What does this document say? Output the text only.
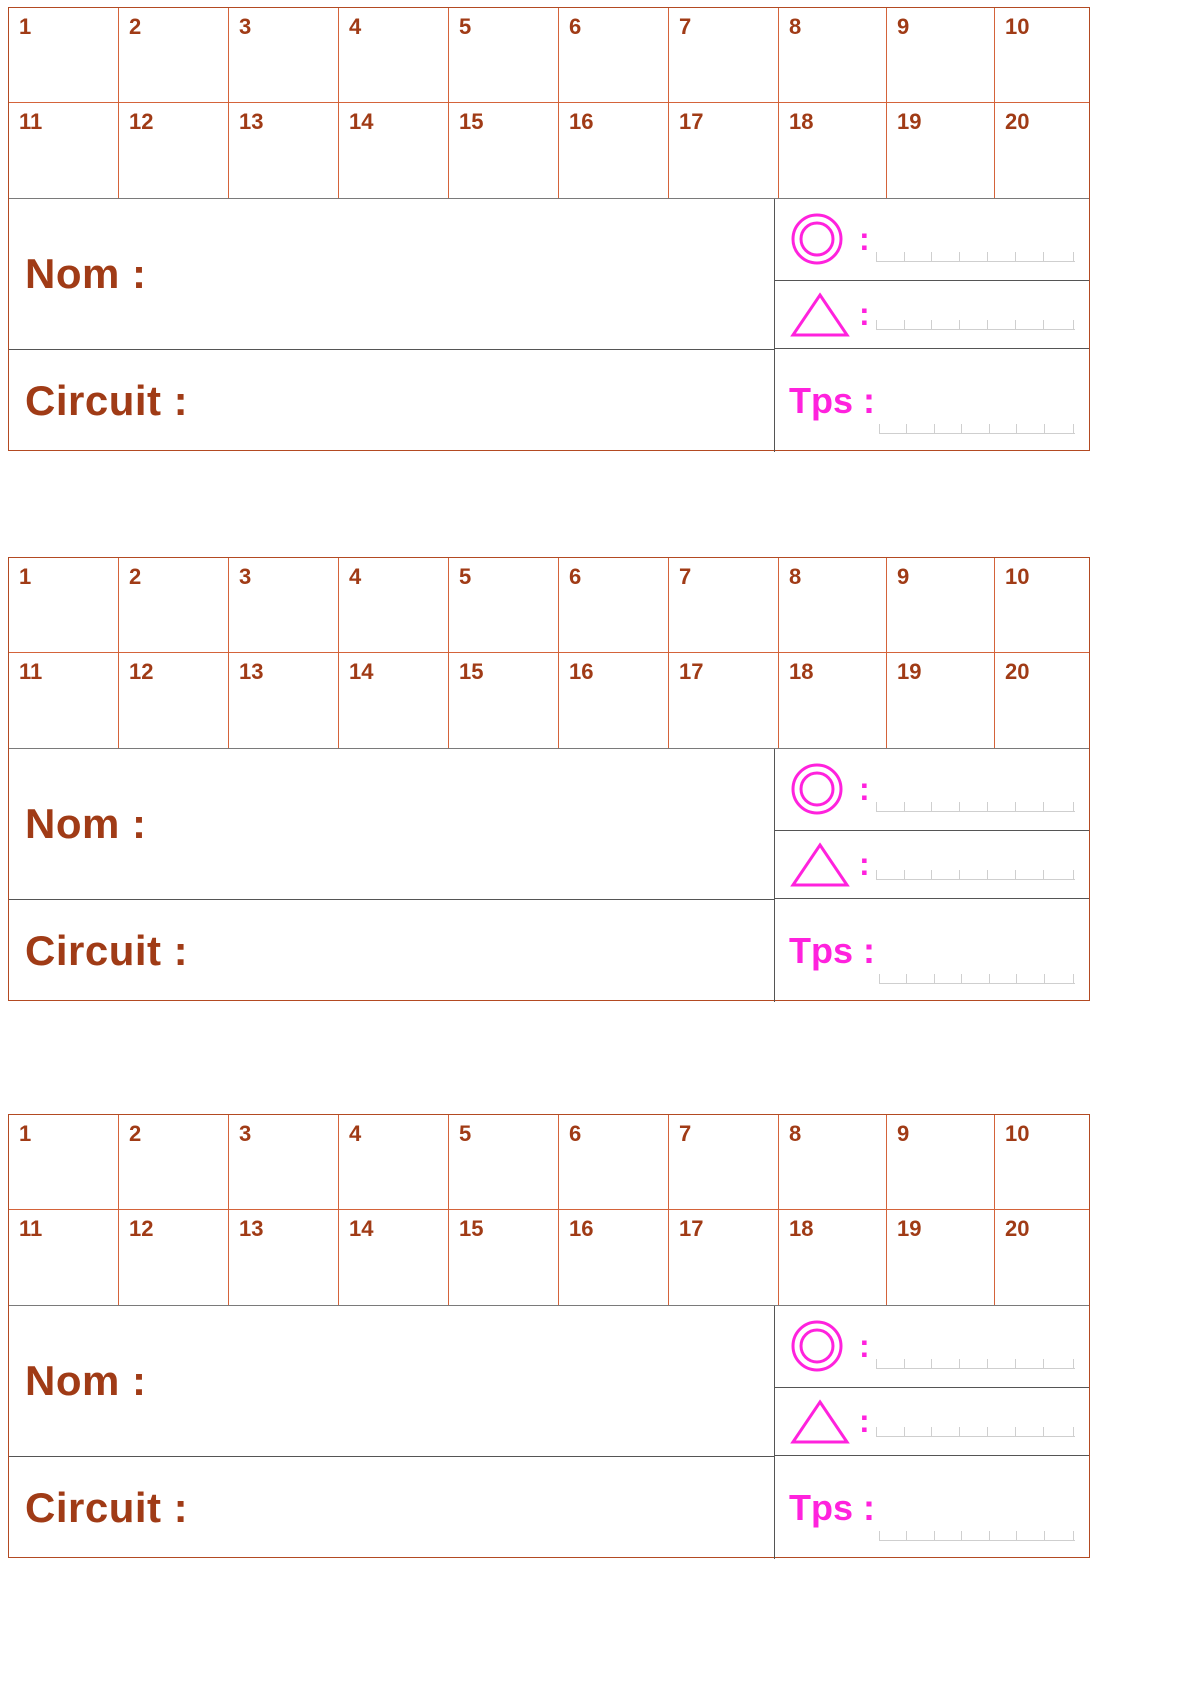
1	2	3	4	5	6	7	8	9	10
11	12	13	14	15	16	17	18	19	20
Nom :
Circuit :
:
:
Tps :
1	2	3	4	5	6	7	8	9	10
11	12	13	14	15	16	17	18	19	20
Nom :
Circuit :
:
:
Tps :
1	2	3	4	5	6	7	8	9	10
11	12	13	14	15	16	17	18	19	20
Nom :
Circuit :
:
:
Tps :
